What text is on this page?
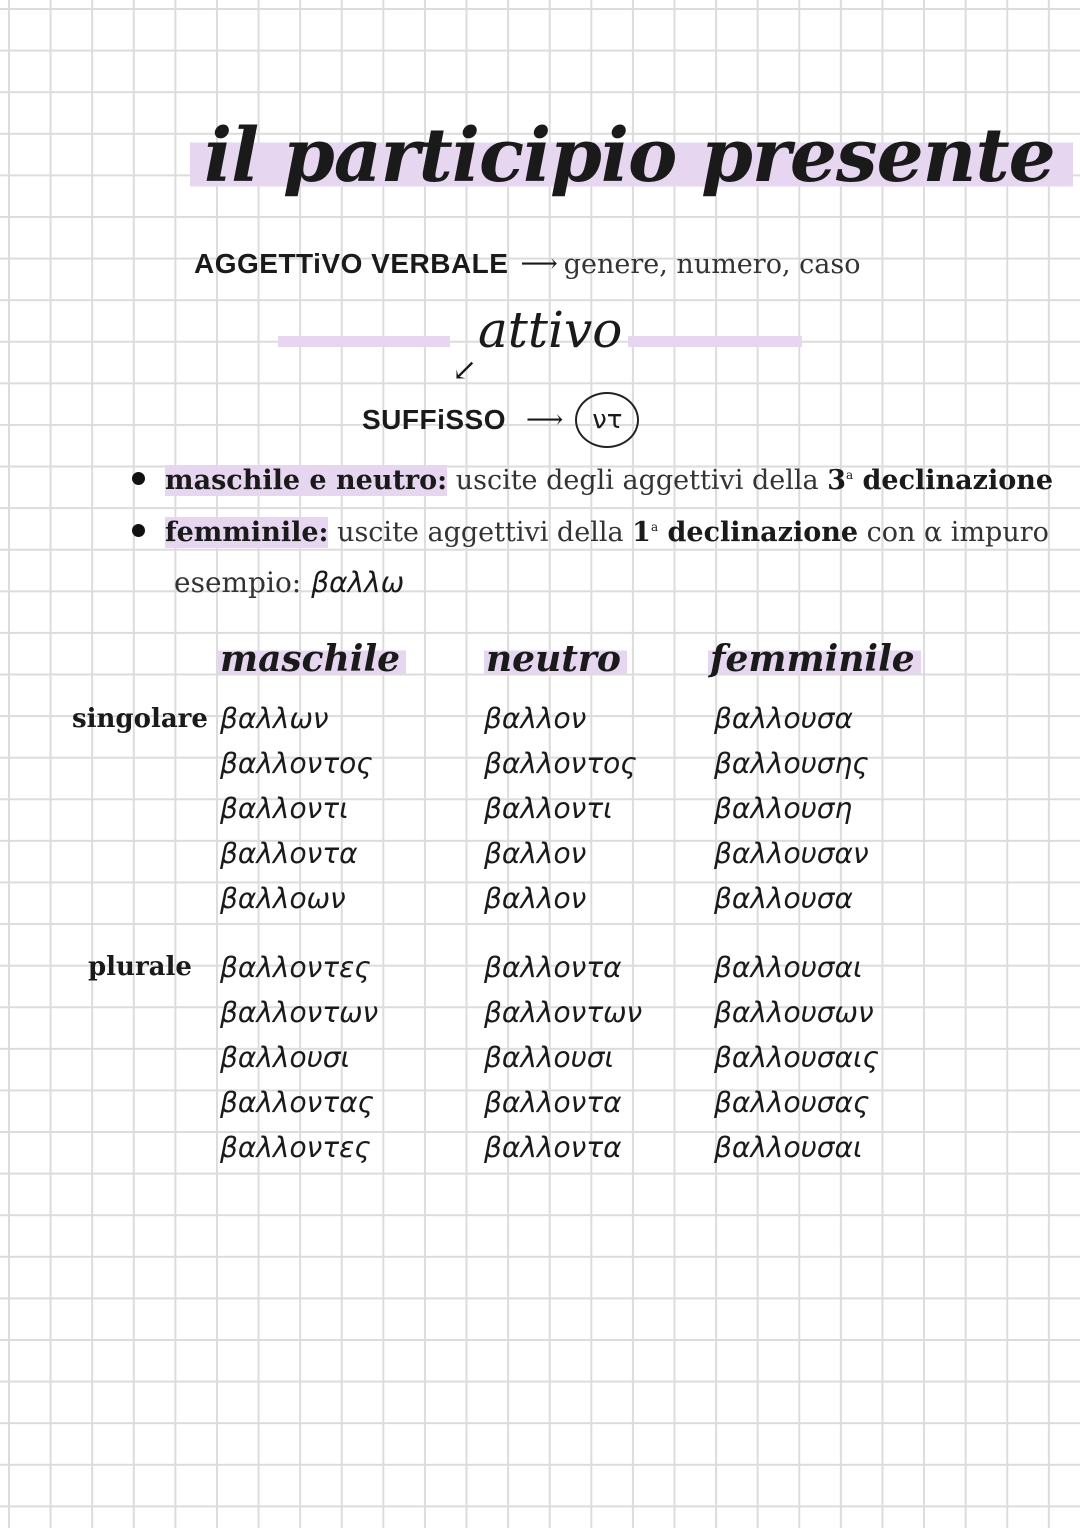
il participio presente
AGGETTiVO VERBALE ⟶ genere, numero, caso
attivo
↙
SUFFiSSO ⟶ ντ
maschile e neutro: uscite degli aggettivi della 3$^a$ declinazione
femminile: uscite aggettivi della 1$^a$ declinazione con α impuro
esempio: βαλλω
maschile neutro femminile
singolare
plurale
βαλλων
βαλλοντος
βαλλοντι
βαλλοντα
βαλλοων
βαλλον
βαλλοντος
βαλλοντι
βαλλον
βαλλον
βαλλουσα
βαλλουσης
βαλλουση
βαλλουσαν
βαλλουσα
βαλλοντες
βαλλοντων
βαλλουσι
βαλλοντας
βαλλοντες
βαλλοντα
βαλλοντων
βαλλουσι
βαλλοντα
βαλλοντα
βαλλουσαι
βαλλουσων
βαλλουσαις
βαλλουσας
βαλλουσαι
